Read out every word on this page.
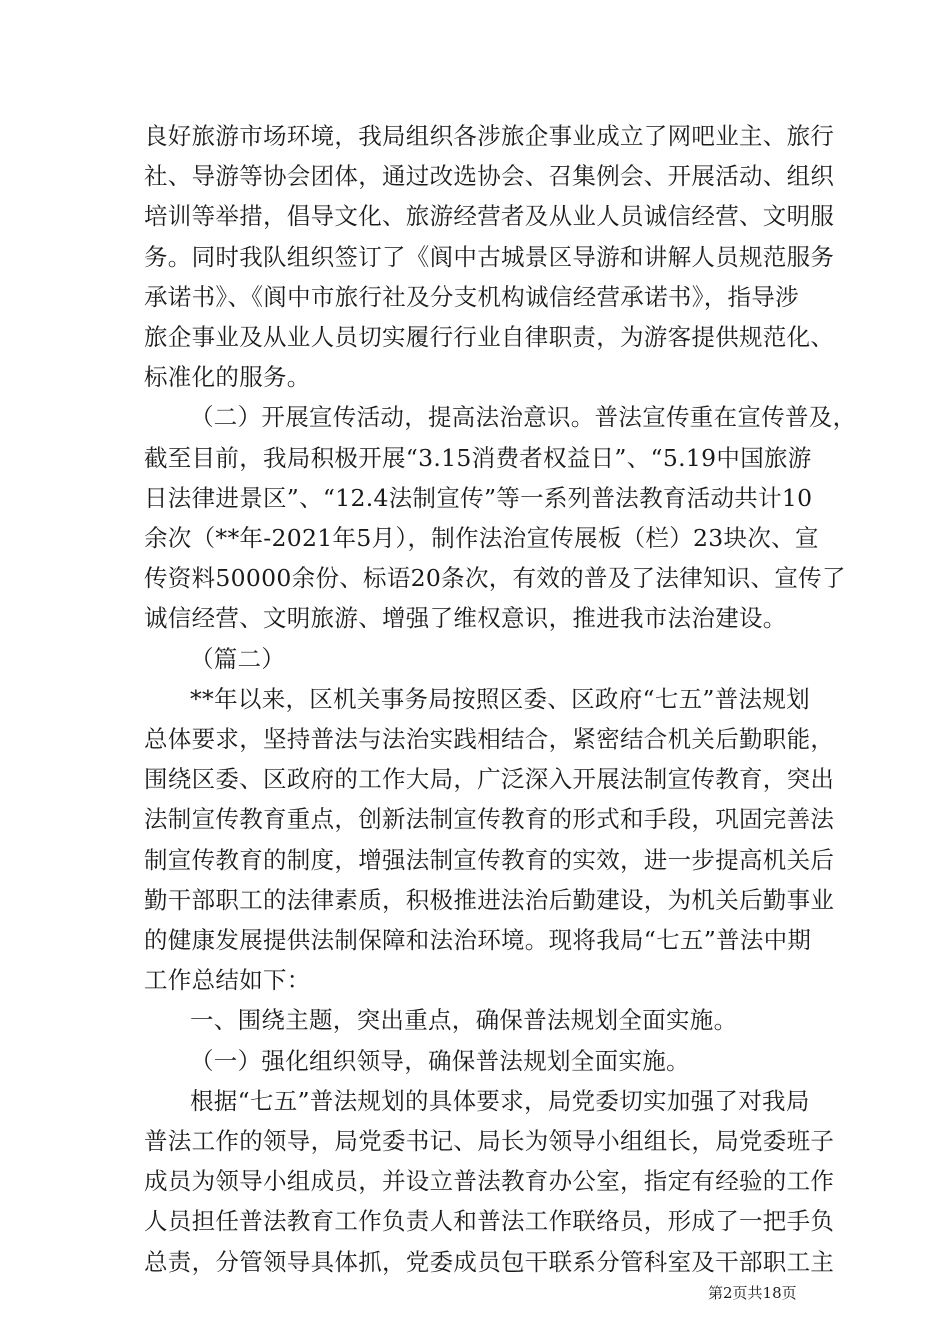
良好旅游市场环境，我局组织各涉旅企事业成立了网吧业主、旅行
社、导游等协会团体，通过改选协会、召集例会、开展活动、组织
培训等举措，倡导文化、旅游经营者及从业人员诚信经营、文明服
务。同时我队组织签订了《阆中古城景区导游和讲解人员规范服务
承诺书》、《阆中市旅行社及分支机构诚信经营承诺书》，指导涉
旅企事业及从业人员切实履行行业自律职责，为游客提供规范化、
标准化的服务。
（二）开展宣传活动，提高法治意识。普法宣传重在宣传普及，
截至目前，我局积极开展“3.15消费者权益日”、“5.19中国旅游
日法律进景区”、“12.4法制宣传”等一系列普法教育活动共计10
余次（**年-2021年5月），制作法治宣传展板（栏）23块次、宣
传资料50000余份、标语20条次，有效的普及了法律知识、宣传了
诚信经营、文明旅游、增强了维权意识，推进我市法治建设。
（篇二）
**年以来，区机关事务局按照区委、区政府“七五”普法规划
总体要求，坚持普法与法治实践相结合，紧密结合机关后勤职能，
围绕区委、区政府的工作大局，广泛深入开展法制宣传教育，突出
法制宣传教育重点，创新法制宣传教育的形式和手段，巩固完善法
制宣传教育的制度，增强法制宣传教育的实效，进一步提高机关后
勤干部职工的法律素质，积极推进法治后勤建设，为机关后勤事业
的健康发展提供法制保障和法治环境。现将我局“七五”普法中期
工作总结如下：
一、围绕主题，突出重点，确保普法规划全面实施。
（一）强化组织领导，确保普法规划全面实施。
根据“七五”普法规划的具体要求，局党委切实加强了对我局
普法工作的领导，局党委书记、局长为领导小组组长，局党委班子
成员为领导小组成员，并设立普法教育办公室，指定有经验的工作
人员担任普法教育工作负责人和普法工作联络员，形成了一把手负
第2页共18页
总责，分管领导具体抓，党委成员包干联系分管科室及干部职工主
